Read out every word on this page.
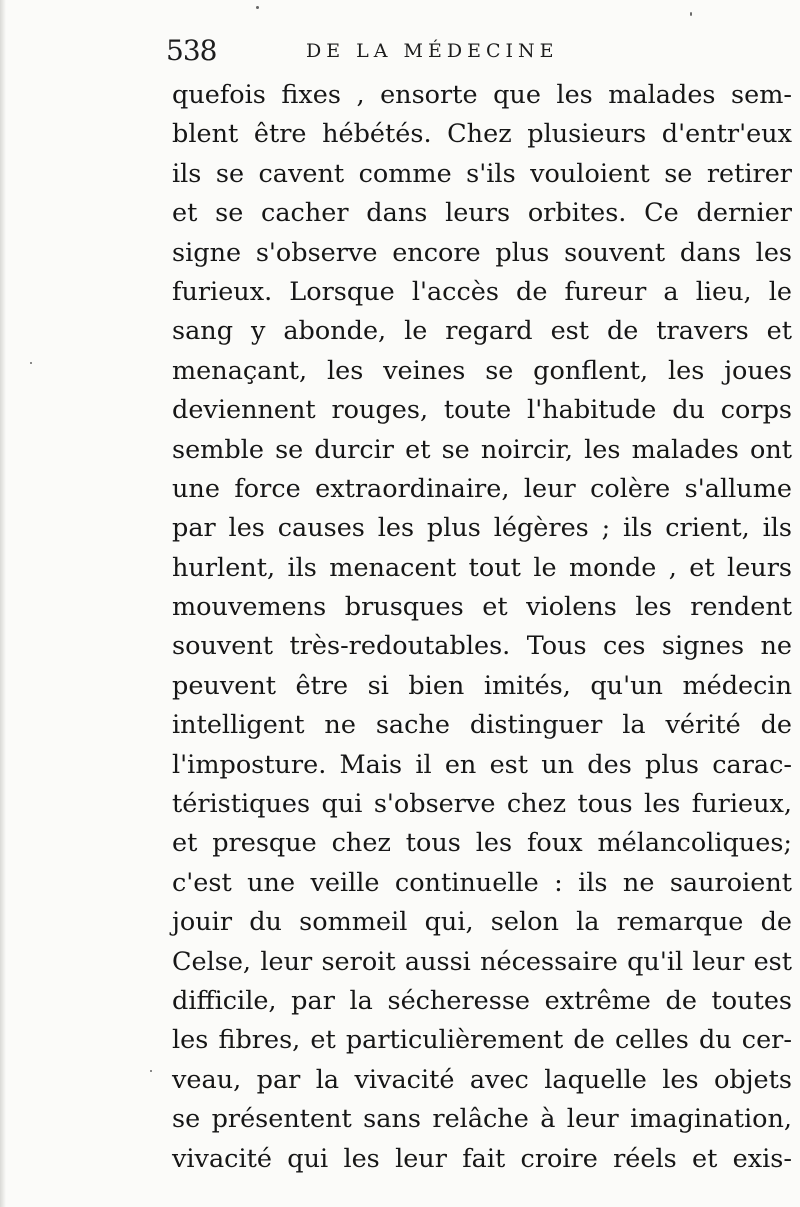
538	DE LA MÉDECINE
quefois fixes , ensorte que les malades sem-
blent être hébétés. Chez plusieurs d'entr'eux
ils se cavent comme s'ils vouloient se retirer
et se cacher dans leurs orbites. Ce dernier
signe s'observe encore plus souvent dans les
furieux. Lorsque l'accès de fureur a lieu, le
sang y abonde, le regard est de travers et
menaçant, les veines se gonflent, les joues
deviennent rouges, toute l'habitude du corps
semble se durcir et se noircir, les malades ont
une force extraordinaire, leur colère s'allume
par les causes les plus légères ; ils crient, ils
hurlent, ils menacent tout le monde , et leurs
mouvemens brusques et violens les rendent
souvent très-redoutables. Tous ces signes ne
peuvent être si bien imités, qu'un médecin
intelligent ne sache distinguer la vérité de
l'imposture. Mais il en est un des plus carac-
téristiques qui s'observe chez tous les furieux,
et presque chez tous les foux mélancoliques;
c'est une veille continuelle : ils ne sauroient
jouir du sommeil qui, selon la remarque de
Celse, leur seroit aussi nécessaire qu'il leur est
difficile, par la sécheresse extrême de toutes
les fibres, et particulièrement de celles du cer-
veau, par la vivacité avec laquelle les objets
se présentent sans relâche à leur imagination,
vivacité qui les leur fait croire réels et exis-
